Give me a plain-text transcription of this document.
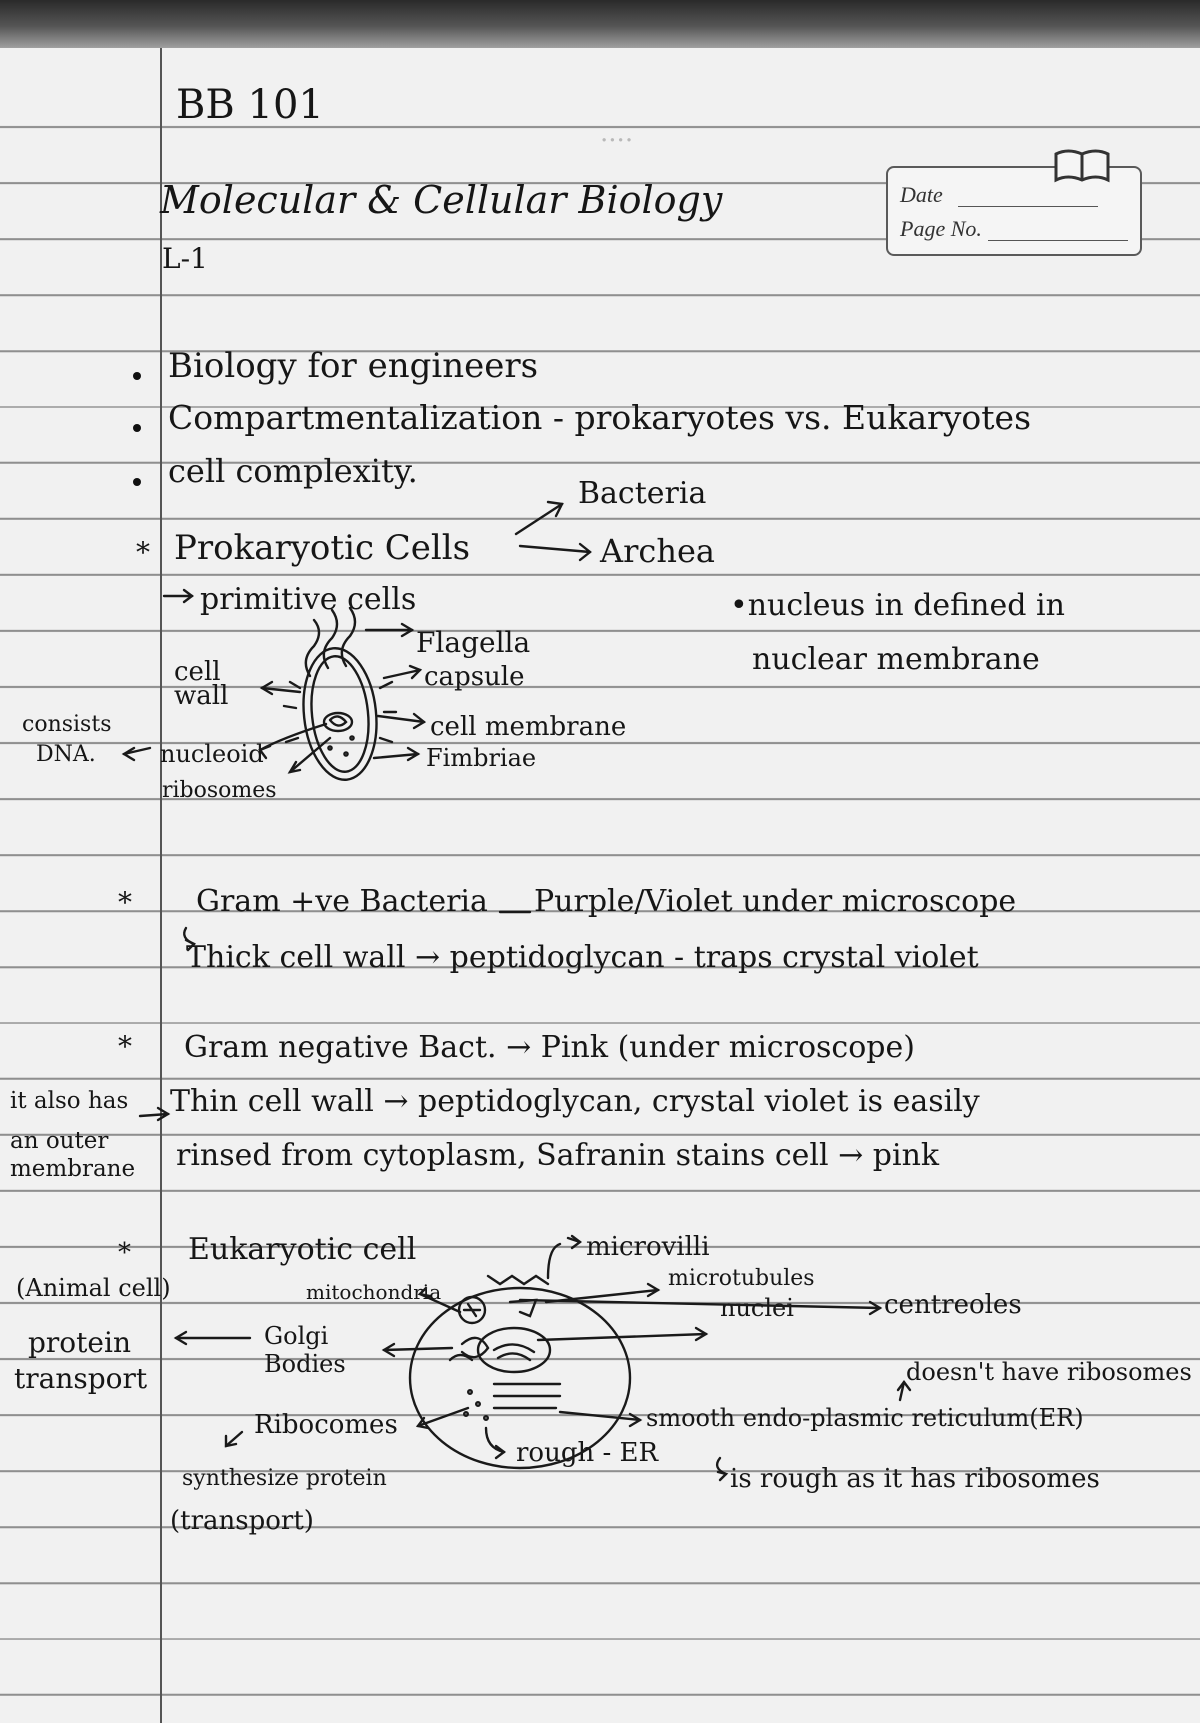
····
Date
Page No.
BB 101
Molecular & Cellular Biology
L-1
Biology for engineers
Compartmentalization - prokaryotes vs. Eukaryotes
cell complexity.
* Prokaryotic Cells
Bacteria
Archea
primitive cells	•nucleus in defined in
nuclear membrane
Flagella
capsule
cell wall
cell membrane
consists
DNA.	nucleoid	Fimbriae
ribosomes
* Gram +ve Bacteria Purple/Violet under microscope
Thick cell wall → peptidoglycan - traps crystal violet
* Gram negative Bact. → Pink (under microscope)
Thin cell wall → peptidoglycan, crystal violet is easily
rinsed from cytoplasm, Safranin stains cell → pink
it also has
an outer
membrane
* Eukaryotic cell
(Animal cell)
microvilli
microtubules
mitochondria
nuclei	centreoles
Golgi
Bodies
protein
transport
Ribocomes
synthesize protein
(transport)
rough - ER
smooth endo-plasmic reticulum(ER)
doesn't have ribosomes
is rough as it has ribosomes
